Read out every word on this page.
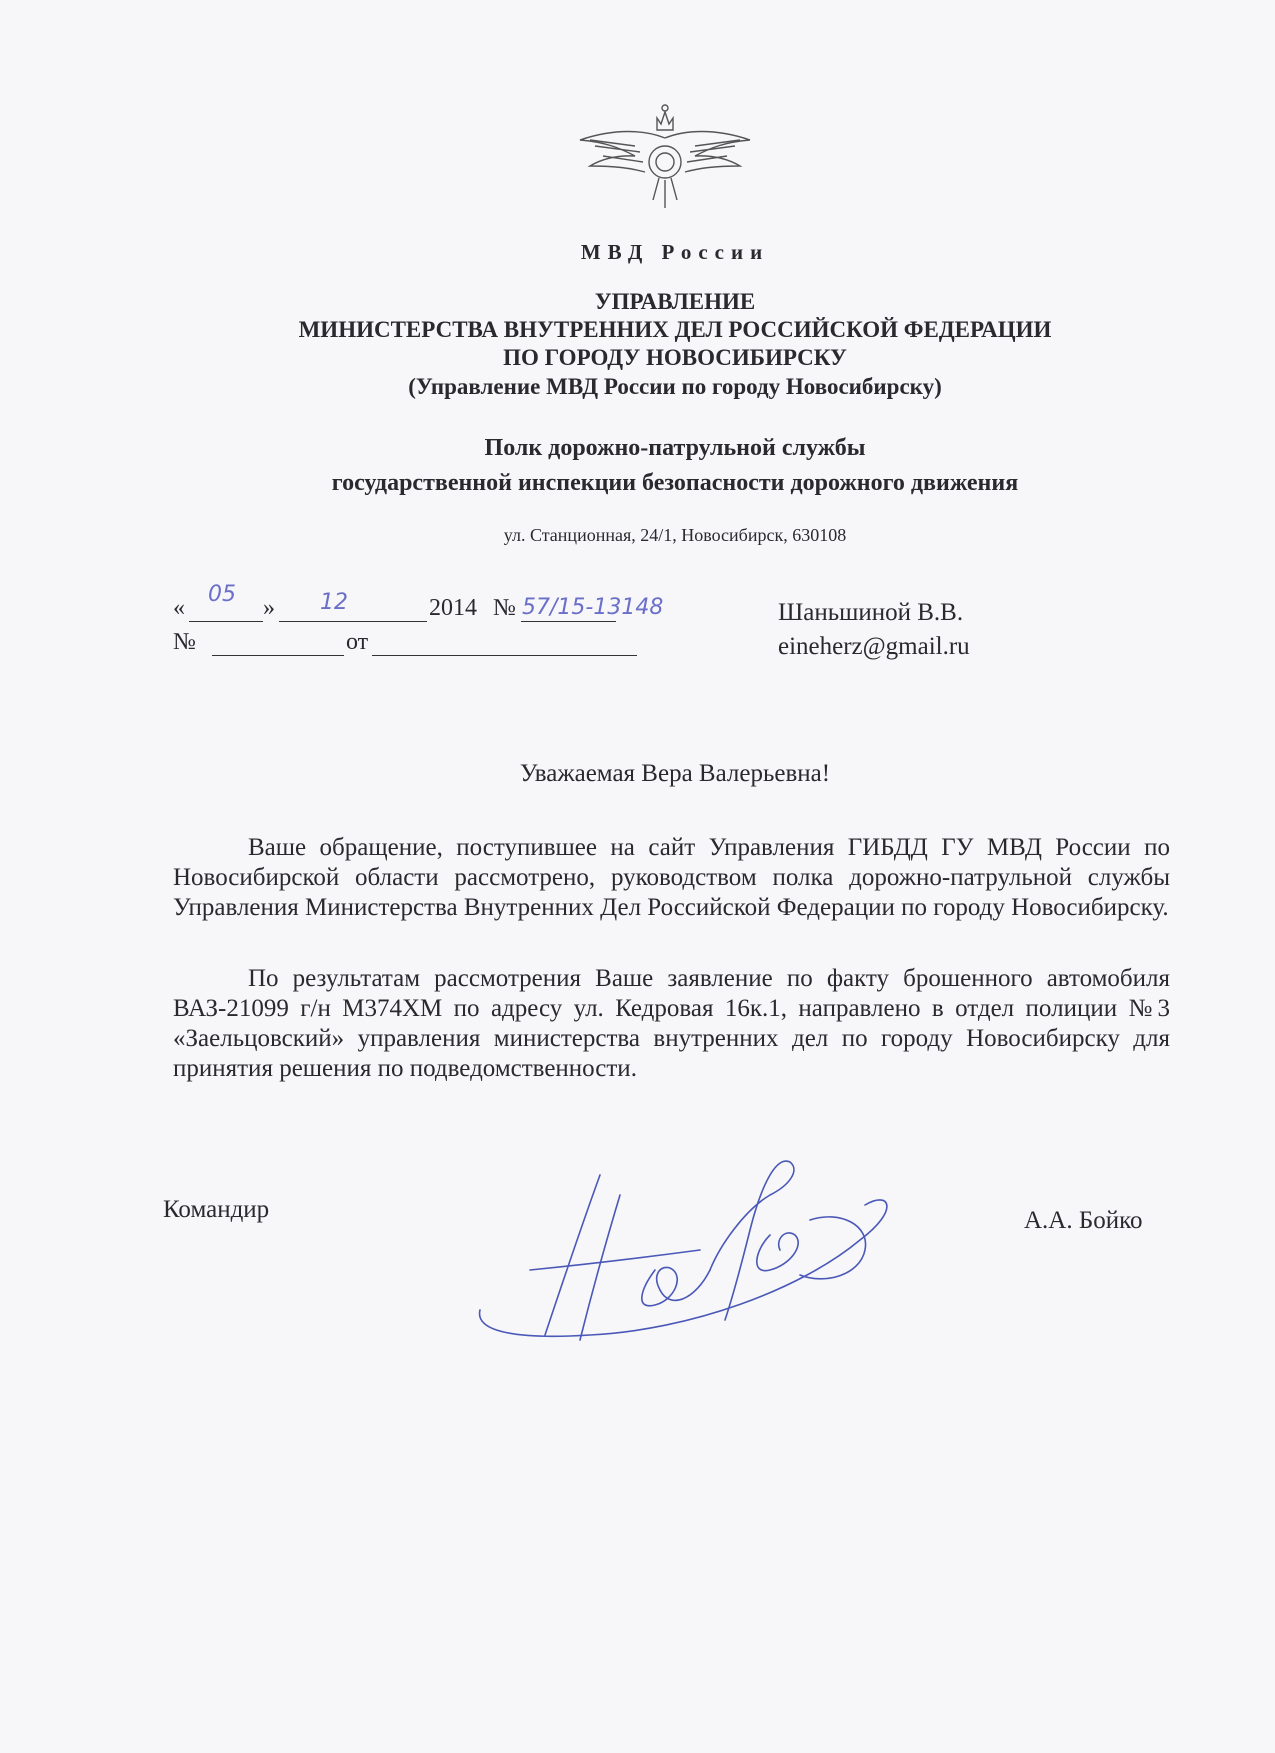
МВД России
УПРАВЛЕНИЕ
МИНИСТЕРСТВА ВНУТРЕННИХ ДЕЛ РОССИЙСКОЙ ФЕДЕРАЦИИ
ПО ГОРОДУ НОВОСИБИРСКУ
(Управление МВД России по городу Новосибирску)
Полк дорожно-патрульной службы
государственной инспекции безопасности дорожного движения
ул. Станционная, 24/1, Новосибирск, 630108
«
05
» 12	2014 № 57/15-13148
№	от
Шаньшиной В.В.
eineherz@gmail.ru
Уважаемая Вера Валерьевна!
Ваше обращение, поступившее на сайт Управления ГИБДД ГУ МВД России по Новосибирской области рассмотрено, руководством полка дорожно-патрульной службы Управления Министерства Внутренних Дел Российской Федерации по городу Новосибирску.
По результатам рассмотрения Ваше заявление по факту брошенного автомобиля ВАЗ-21099 г/н М374ХМ по адресу ул. Кедровая 16к.1, направлено в отдел полиции №3 «Заельцовский» управления министерства внутренних дел по городу Новосибирску для принятия решения по подведомственности.
Командир	А.А. Бойко
